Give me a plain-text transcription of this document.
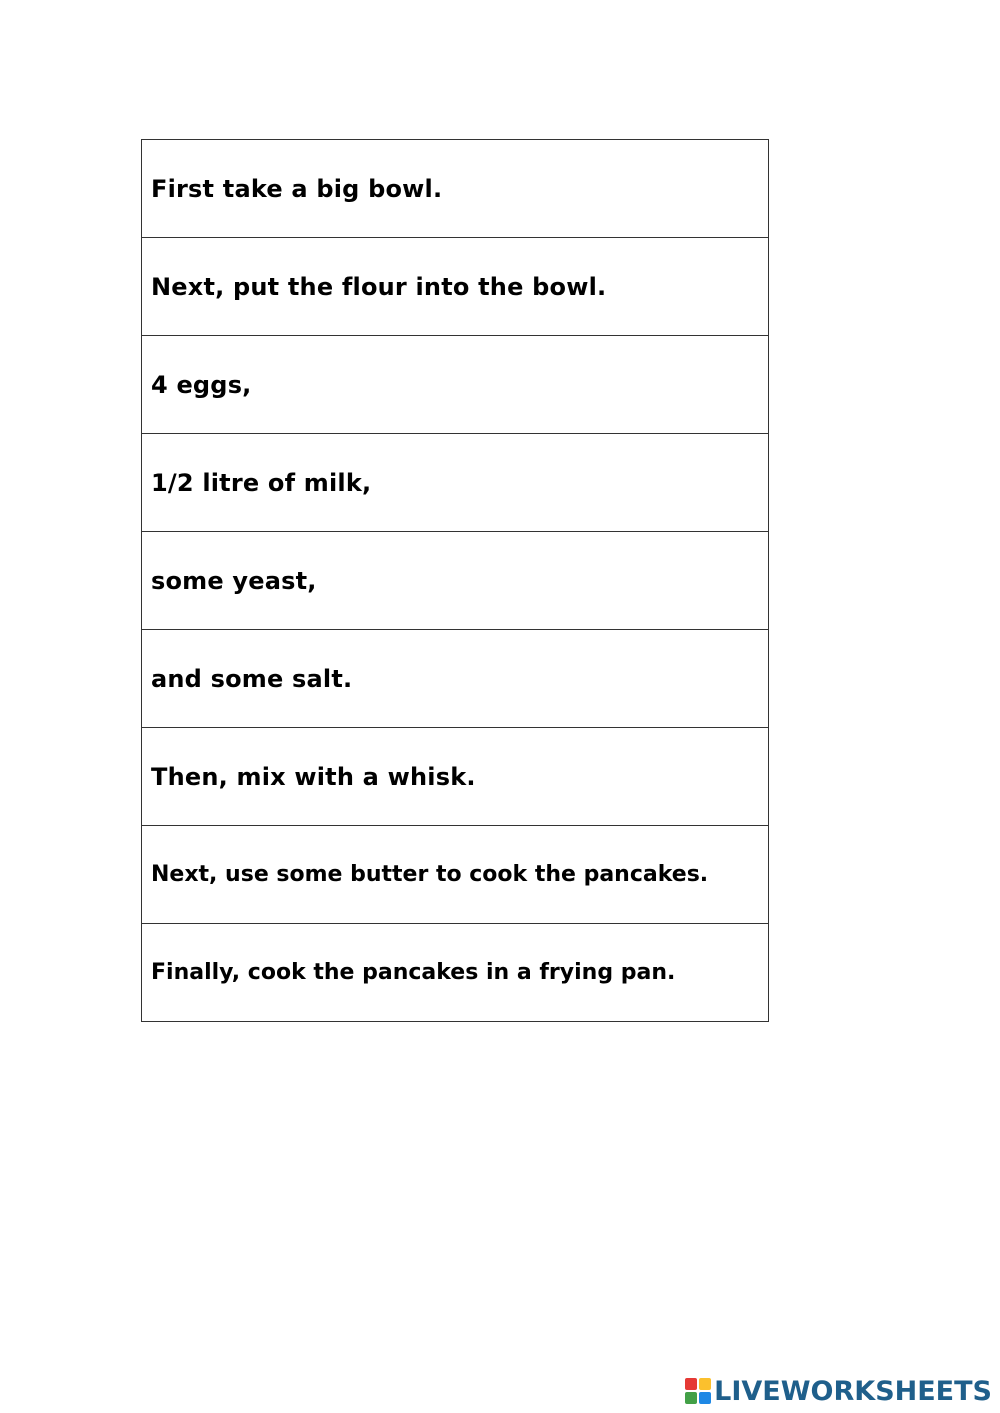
First take a big bowl.
Next, put the flour into the bowl.
4 eggs,
1/2 litre of milk,
some yeast,
and some salt.
Then, mix with a whisk.
Next, use some butter to cook the pancakes.
Finally, cook the pancakes in a frying pan.
LIVEWORKSHEETS
